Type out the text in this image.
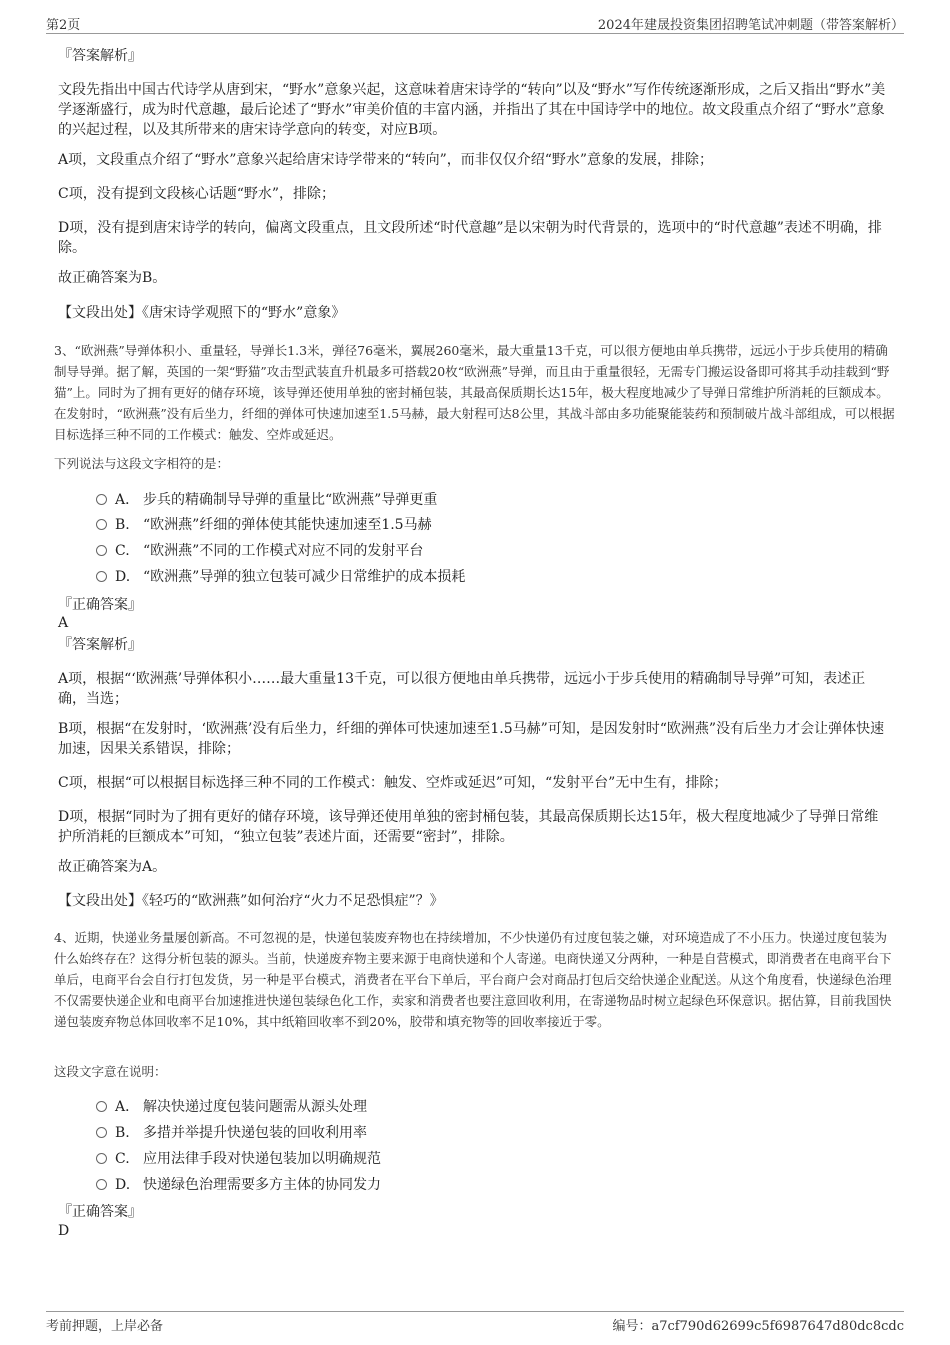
第2页	2024年建晟投资集团招聘笔试冲刺题（带答案解析）
『答案解析』
文段先指出中国古代诗学从唐到宋，“野水”意象兴起，这意味着唐宋诗学的“转向”以及“野水”写作传统逐渐形成，之后又指出“野水”美学逐渐盛行，成为时代意趣，最后论述了“野水”审美价值的丰富内涵，并指出了其在中国诗学中的地位。故文段重点介绍了“野水”意象的兴起过程，以及其所带来的唐宋诗学意向的转变，对应B项。
A项，文段重点介绍了“野水”意象兴起给唐宋诗学带来的“转向”，而非仅仅介绍“野水”意象的发展，排除；
C项，没有提到文段核心话题“野水”，排除；
D项，没有提到唐宋诗学的转向，偏离文段重点，且文段所述“时代意趣”是以宋朝为时代背景的，选项中的“时代意趣”表述不明确，排除。
故正确答案为B。
【文段出处】《唐宋诗学观照下的“野水”意象》
3、“欧洲燕”导弹体积小、重量轻，导弹长1.3米，弹径76毫米，翼展260毫米，最大重量13千克，可以很方便地由单兵携带，远远小于步兵使用的精确制导导弹。据了解，英国的一架“野猫”攻击型武装直升机最多可搭载20枚“欧洲燕”导弹，而且由于重量很轻，无需专门搬运设备即可将其手动挂载到“野猫”上。同时为了拥有更好的储存环境，该导弹还使用单独的密封桶包装，其最高保质期长达15年，极大程度地减少了导弹日常维护所消耗的巨额成本。在发射时，“欧洲燕”没有后坐力，纤细的弹体可快速加速至1.5马赫，最大射程可达8公里，其战斗部由多功能聚能装药和预制破片战斗部组成，可以根据目标选择三种不同的工作模式：触发、空炸或延迟。
下列说法与这段文字相符的是：
A． 步兵的精确制导导弹的重量比“欧洲燕”导弹更重
B. “欧洲燕”纤细的弹体使其能快速加速至1.5马赫
C. “欧洲燕”不同的工作模式对应不同的发射平台
D. “欧洲燕”导弹的独立包装可减少日常维护的成本损耗
『正确答案』
A
『答案解析』
A项，根据“‘欧洲燕’导弹体积小……最大重量13千克，可以很方便地由单兵携带，远远小于步兵使用的精确制导导弹”可知，表述正确，当选；
B项，根据“在发射时，‘欧洲燕’没有后坐力，纤细的弹体可快速加速至1.5马赫”可知，是因发射时“欧洲燕”没有后坐力才会让弹体快速加速，因果关系错误，排除；
C项，根据“可以根据目标选择三种不同的工作模式：触发、空炸或延迟”可知，“发射平台”无中生有，排除；
D项，根据“同时为了拥有更好的储存环境，该导弹还使用单独的密封桶包装，其最高保质期长达15年，极大程度地减少了导弹日常维护所消耗的巨额成本”可知，“独立包装”表述片面，还需要“密封”，排除。
故正确答案为A。
【文段出处】《轻巧的“欧洲燕”如何治疗“火力不足恐惧症”？》
4、近期，快递业务量屡创新高。不可忽视的是，快递包装废弃物也在持续增加，不少快递仍有过度包装之嫌，对环境造成了不小压力。快递过度包装为什么始终存在？这得分析包装的源头。当前，快递废弃物主要来源于电商快递和个人寄递。电商快递又分两种，一种是自营模式，即消费者在电商平台下单后，电商平台会自行打包发货，另一种是平台模式，消费者在平台下单后，平台商户会对商品打包后交给快递企业配送。从这个角度看，快递绿色治理不仅需要快递企业和电商平台加速推进快递包装绿色化工作，卖家和消费者也要注意回收利用，在寄递物品时树立起绿色环保意识。据估算，目前我国快递包装废弃物总体回收率不足10%，其中纸箱回收率不到20%，胶带和填充物等的回收率接近于零。
这段文字意在说明：
A． 解决快递过度包装问题需从源头处理
B. 多措并举提升快递包装的回收利用率
C. 应用法律手段对快递包装加以明确规范
D. 快递绿色治理需要多方主体的协同发力
『正确答案』
D
考前押题，上岸必备	编号：a7cf790d62699c5f6987647d80dc8cdc
